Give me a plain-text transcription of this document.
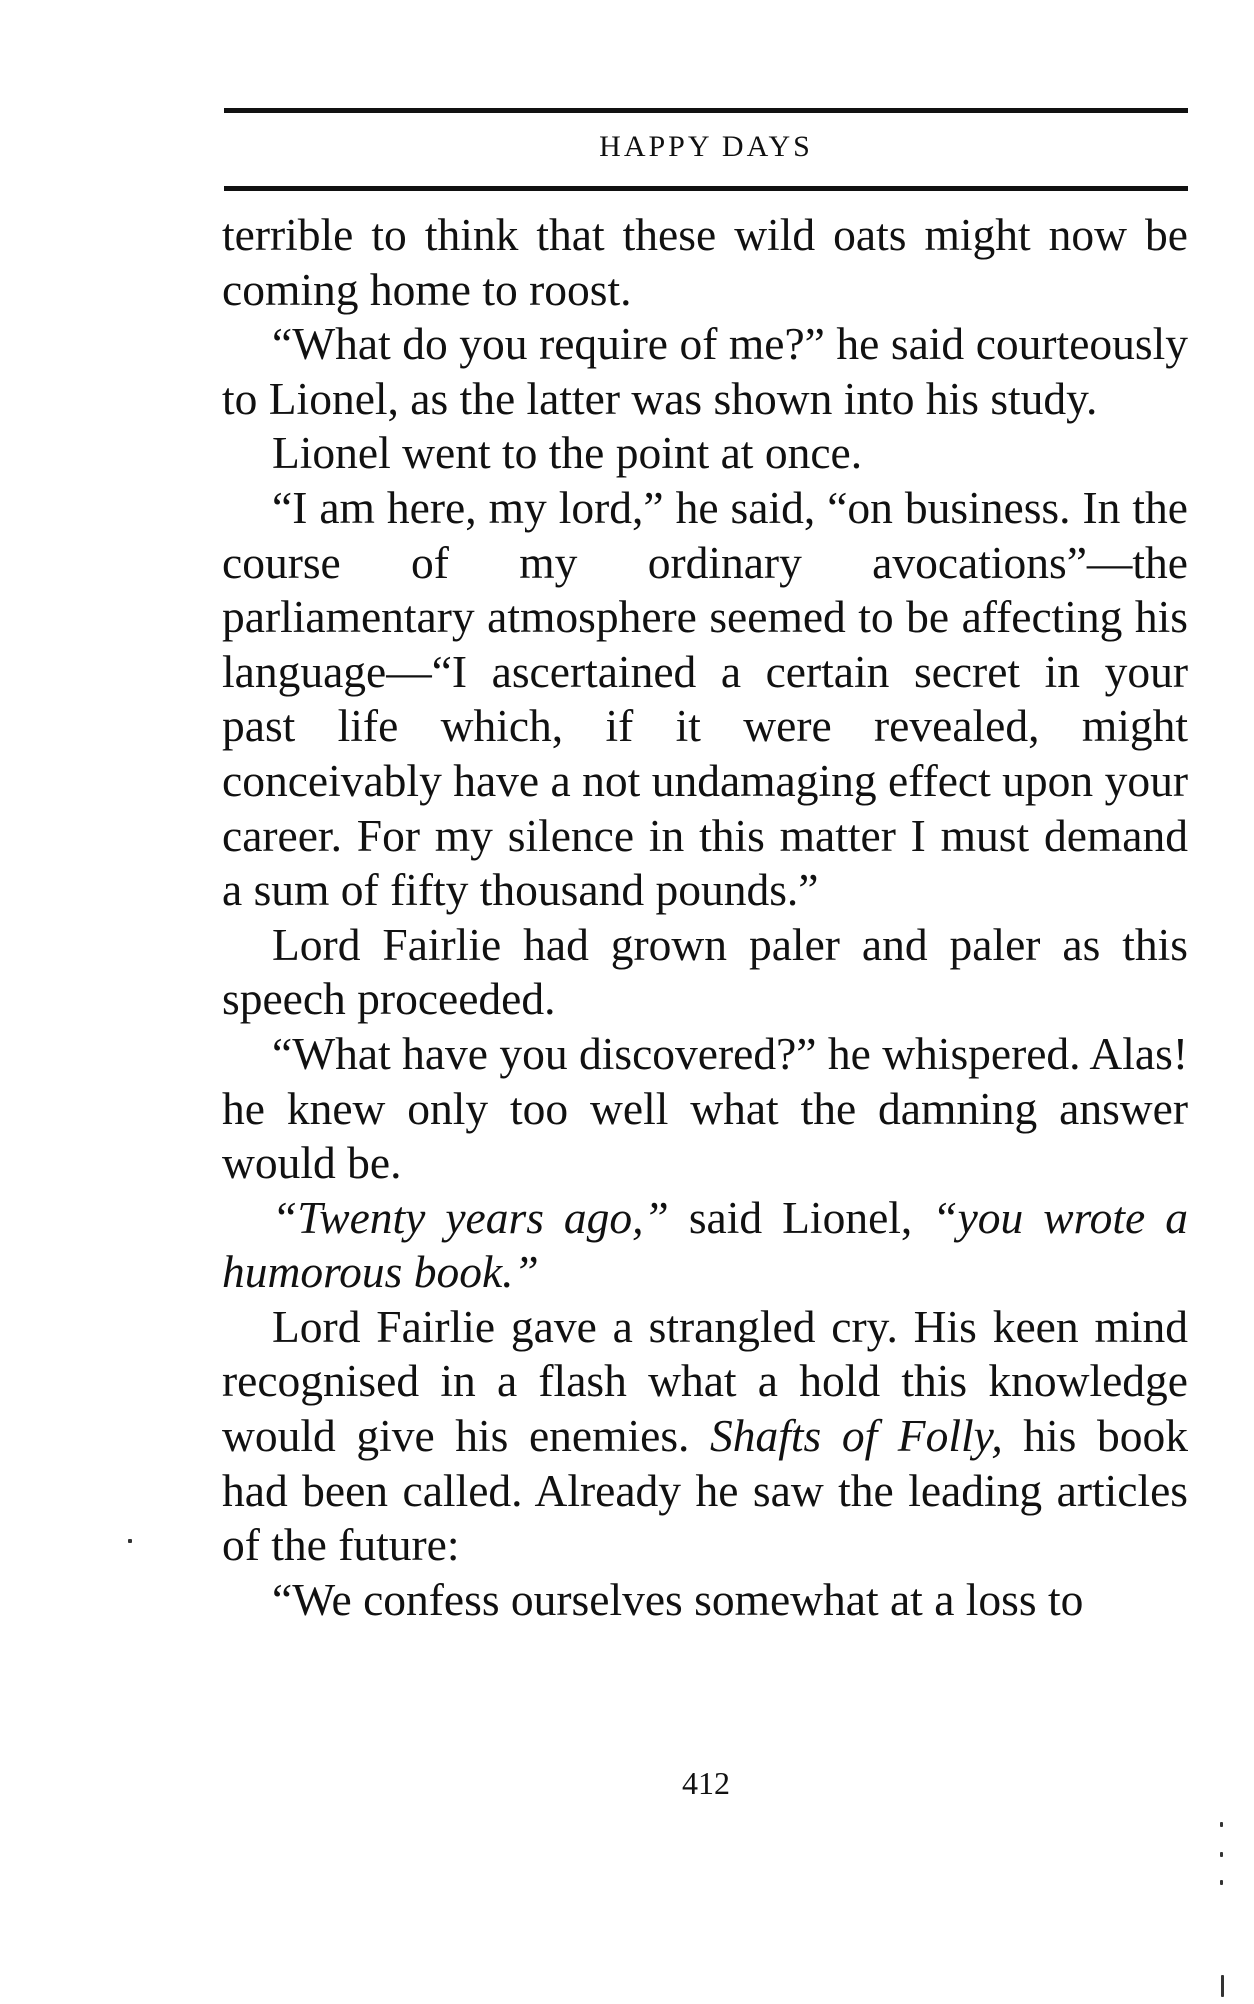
HAPPY DAYS

terrible to think that these wild oats might now be coming home to roost.

“What do you require of me?” he said courteously to Lionel, as the latter was shown into his study.

Lionel went to the point at once.

“I am here, my lord,” he said, “on business. In the course of my ordinary avocations”—the parliamentary atmosphere seemed to be affecting his language—“I ascertained a certain secret in your past life which, if it were revealed, might conceivably have a not undamaging effect upon your career. For my silence in this matter I must demand a sum of fifty thousand pounds.”

Lord Fairlie had grown paler and paler as this speech proceeded.

“What have you discovered?” he whispered. Alas! he knew only too well what the damning answer would be.

“Twenty years ago,” said Lionel, “you wrote a humorous book.”

Lord Fairlie gave a strangled cry. His keen mind recognised in a flash what a hold this knowledge would give his enemies. Shafts of Folly, his book had been called. Already he saw the leading articles of the future:

“We confess ourselves somewhat at a loss to

412
